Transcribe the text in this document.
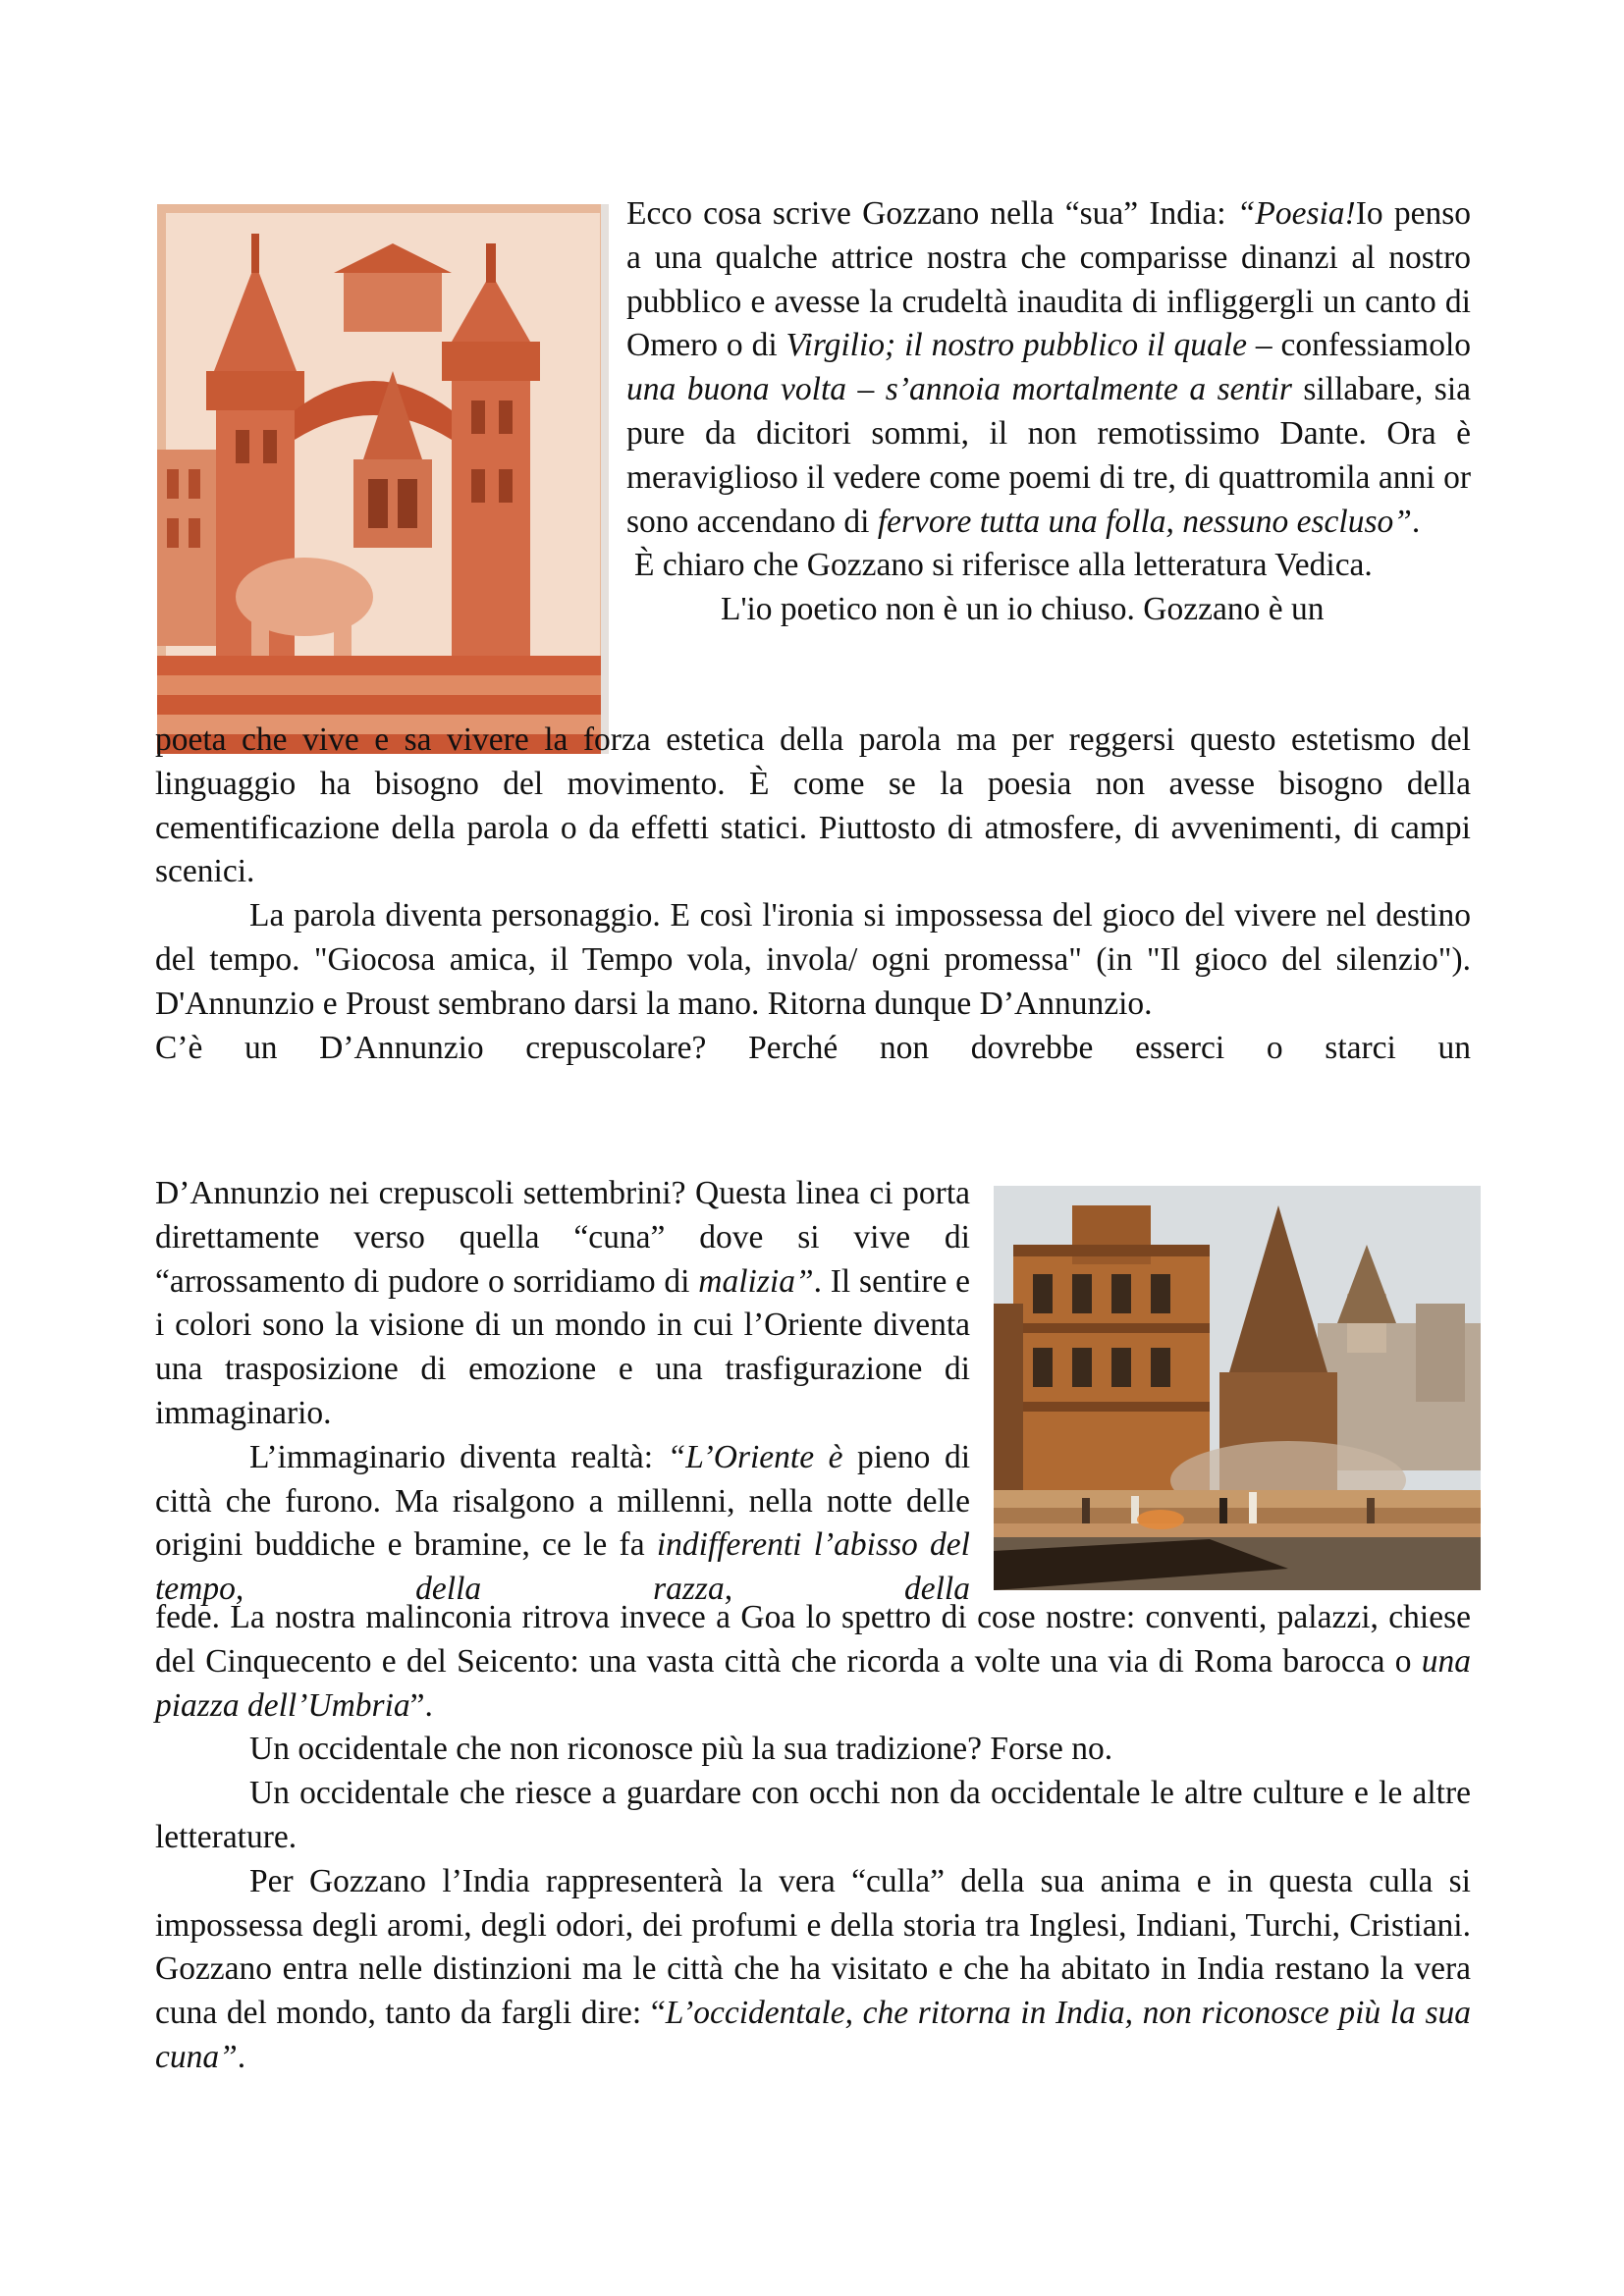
Ecco cosa scrive Gozzano nella “sua” India: “Poesia!Io penso a una qualche attrice nostra che comparisse dinanzi al nostro pubblico e avesse la crudeltà inaudita di infliggergli un canto di Omero o di Virgilio; il nostro pubblico il quale – confessiamolo una buona volta – s’annoia mortalmente a sentir sillabare, sia pure da dicitori sommi, il non remotissimo Dante. Ora è meraviglioso il vedere come poemi di tre, di quattromila anni or sono accendano di fervore tutta una folla, nessuno escluso”.

È chiaro che Gozzano si riferisce alla letteratura Vedica.

L'io poetico non è un io chiuso. Gozzano è un

poeta che vive e sa vivere la forza estetica della parola ma per reggersi questo estetismo del linguaggio ha bisogno del movimento. È come se la poesia non avesse bisogno della cementificazione della parola o da effetti statici. Piuttosto di atmosfere, di avvenimenti, di campi scenici.

La parola diventa personaggio. E così l'ironia si impossessa del gioco del vivere nel destino del tempo. "Giocosa amica, il Tempo vola, invola/ ogni promessa" (in "Il gioco del silenzio"). D'Annunzio e Proust sembrano darsi la mano. Ritorna dunque D’Annunzio.

C’è un D’Annunzio crepuscolare? Perché non dovrebbe esserci o starci un

D’Annunzio nei crepuscoli settembrini? Questa linea ci porta direttamente verso quella “cuna” dove si vive di “arrossamento di pudore o sorridiamo di malizia”. Il sentire e i colori sono la visione di un mondo in cui l’Oriente diventa una trasposizione di emozione e una trasfigurazione di immaginario.

L’immaginario diventa realtà: “L’Oriente è pieno di città che furono. Ma risalgono a millenni, nella notte delle origini buddiche e bramine, ce le fa indifferenti l’abisso del tempo, della razza, della

fede. La nostra malinconia ritrova invece a Goa lo spettro di cose nostre: conventi, palazzi, chiese del Cinquecento e del Seicento: una vasta città che ricorda a volte una via di Roma barocca o una piazza dell’Umbria”.

Un occidentale che non riconosce più la sua tradizione? Forse no.

Un occidentale che riesce a guardare con occhi non da occidentale le altre culture e le altre letterature.

Per Gozzano l’India rappresenterà la vera “culla” della sua anima e in questa culla si impossessa degli aromi, degli odori, dei profumi e della storia tra Inglesi, Indiani, Turchi, Cristiani. Gozzano entra nelle distinzioni ma le città che ha visitato e che ha abitato in India restano la vera cuna del mondo, tanto da fargli dire: “L’occidentale, che ritorna in India, non riconosce più la sua cuna”.
